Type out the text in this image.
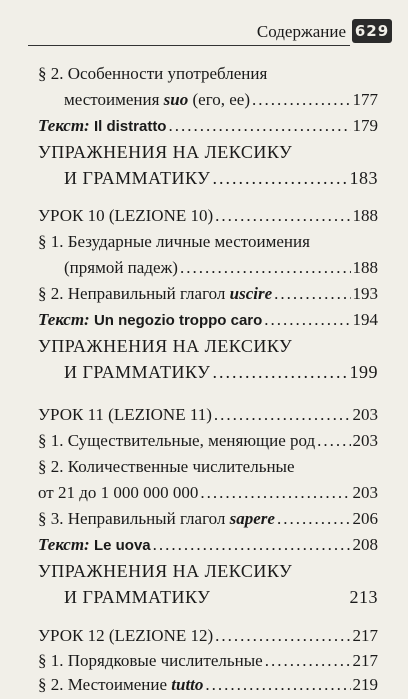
Содержание 629
§ 2. Особенности употребления
местоимения suo (его, ее) .....	177
Текст: Il distratto .....	179
УПРАЖНЕНИЯ НА ЛЕКСИКУ
И ГРАММАТИКУ .....	183
УРОК 10 (LEZIONE 10) .....	188
§ 1. Безударные личные местоимения
(прямой падеж) .....	188
§ 2. Неправильный глагол uscire .....	193
Текст: Un negozio troppo caro .....	194
УПРАЖНЕНИЯ НА ЛЕКСИКУ
И ГРАММАТИКУ .....	199
УРОК 11 (LEZIONE 11) .....	203
§ 1. Существительные, меняющие род ..... 203
§ 2. Количественные числительные
от 21 до 1 000 000 000 .....	203
§ 3. Неправильный глагол sapere .....	206
Текст: Le uova .....	208
УПРАЖНЕНИЯ НА ЛЕКСИКУ
И ГРАММАТИКУ	213
УРОК 12 (LEZIONE 12) .....	217
§ 1. Порядковые числительные .....	217
§ 2. Местоимение tutto .....	219
